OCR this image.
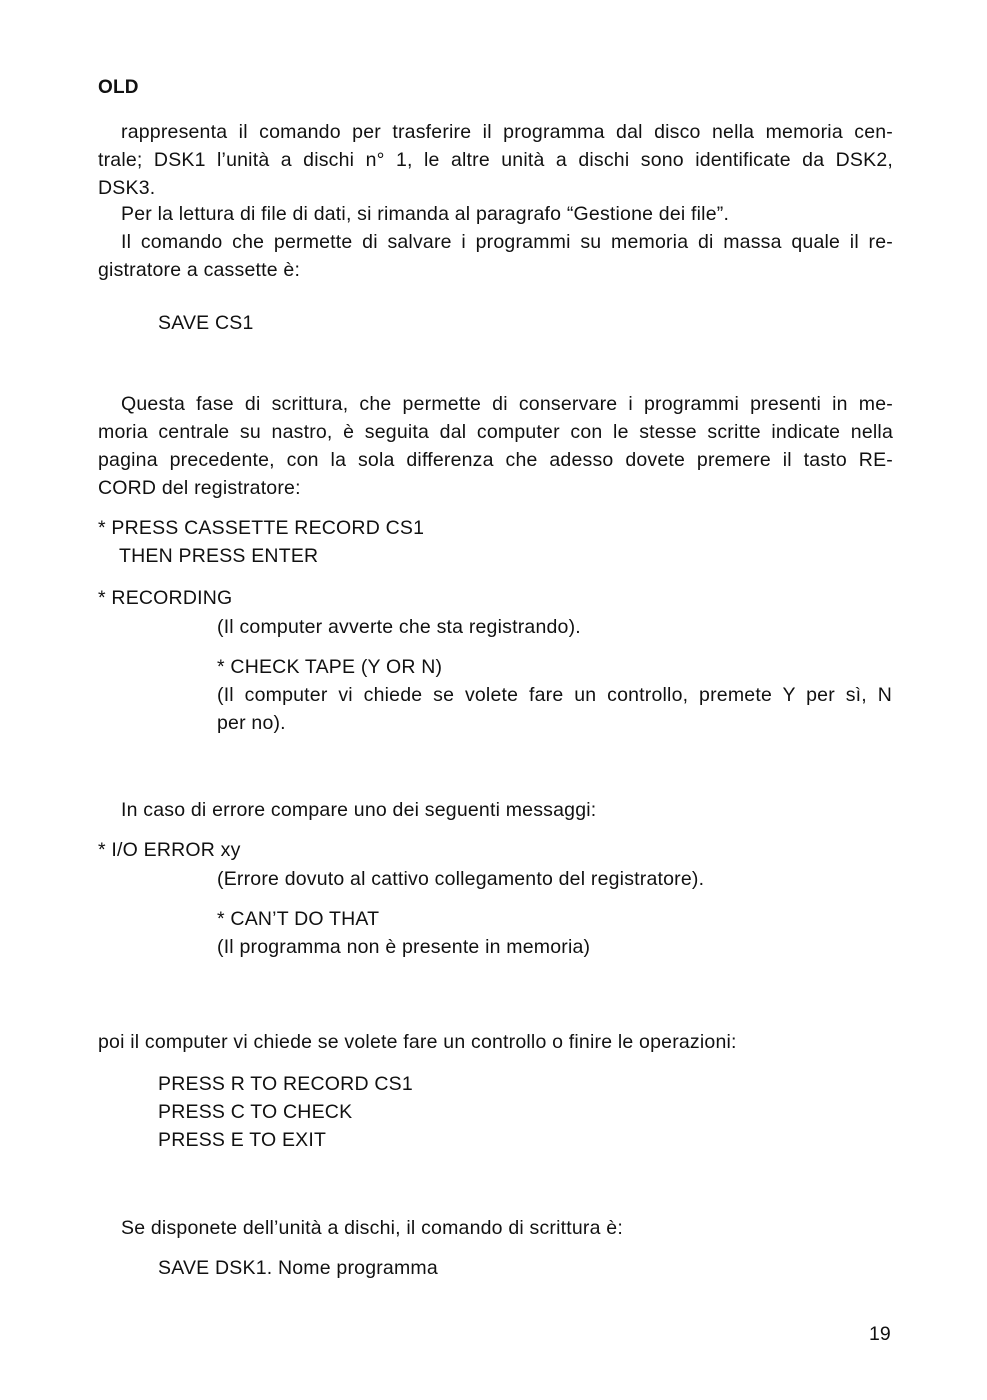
OLD
rappresenta il comando per trasferire il programma dal disco nella memoria cen-
trale; DSK1 l’unità a dischi n° 1, le altre unità a dischi sono identificate da DSK2,
DSK3.
Per la lettura di file di dati, si rimanda al paragrafo “Gestione dei file”.
Il comando che permette di salvare i programmi su memoria di massa quale il re-
gistratore a cassette è:
SAVE CS1
Questa fase di scrittura, che permette di conservare i programmi presenti in me-
moria centrale su nastro, è seguita dal computer con le stesse scritte indicate nella
pagina precedente, con la sola differenza che adesso dovete premere il tasto RE-
CORD del registratore:
* PRESS CASSETTE RECORD CS1
THEN PRESS ENTER
* RECORDING
(Il computer avverte che sta registrando).
* CHECK TAPE (Y OR N)
(Il computer vi chiede se volete fare un controllo, premete Y per sì, N
per no).
In caso di errore compare uno dei seguenti messaggi:
* I/O ERROR xy
(Errore dovuto al cattivo collegamento del registratore).
* CAN’T DO THAT
(Il programma non è presente in memoria)
poi il computer vi chiede se volete fare un controllo o finire le operazioni:
PRESS R TO RECORD CS1
PRESS C TO CHECK
PRESS E TO EXIT
Se disponete dell’unità a dischi, il comando di scrittura è:
SAVE DSK1. Nome programma
19
